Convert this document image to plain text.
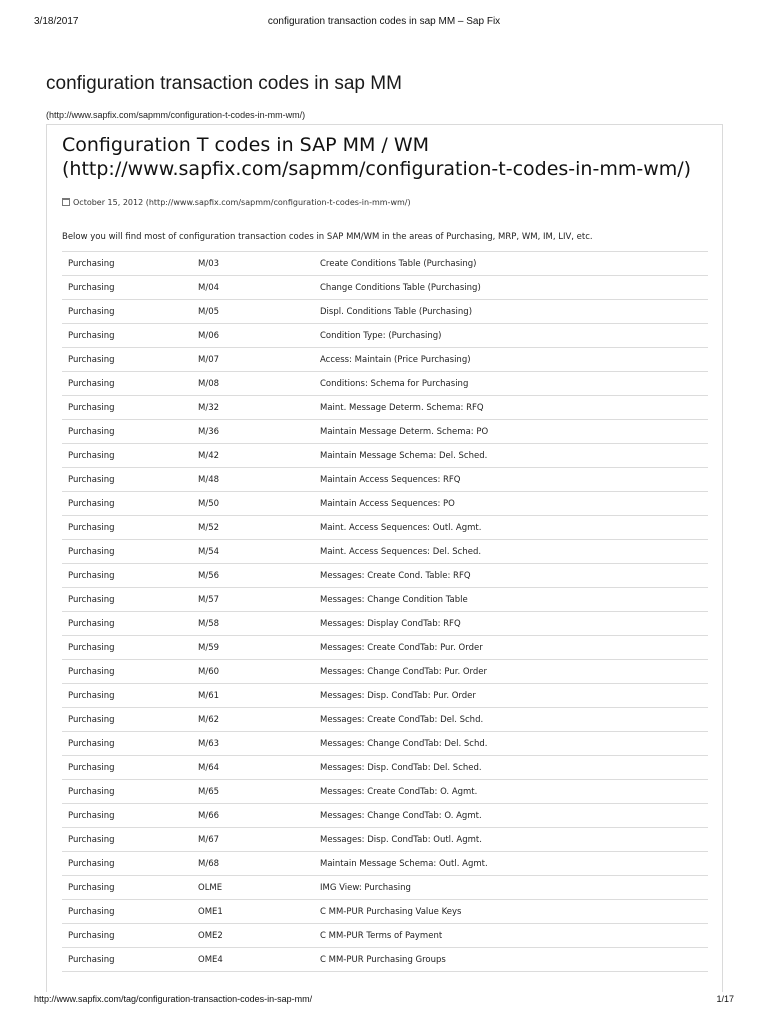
3/18/2017	configuration transaction codes in sap MM – Sap Fix
configuration transaction codes in sap MM
(http://www.sapfix.com/sapmm/configuration-t-codes-in-mm-wm/)
Configuration T codes in SAP MM / WM (http://www.sapfix.com/sapmm/configuration-t-codes-in-mm-wm/)
October 15, 2012 (http://www.sapfix.com/sapmm/configuration-t-codes-in-mm-wm/)
Below you will find most of configuration transaction codes in SAP MM/WM in the areas of Purchasing, MRP, WM, IM, LIV, etc.
Purchasing	M/03	Create Conditions Table (Purchasing)
Purchasing	M/04	Change Conditions Table (Purchasing)
Purchasing	M/05	Displ. Conditions Table (Purchasing)
Purchasing	M/06	Condition Type: (Purchasing)
Purchasing	M/07	Access: Maintain (Price Purchasing)
Purchasing	M/08	Conditions: Schema for Purchasing
Purchasing	M/32	Maint. Message Determ. Schema: RFQ
Purchasing	M/36	Maintain Message Determ. Schema: PO
Purchasing	M/42	Maintain Message Schema: Del. Sched.
Purchasing	M/48	Maintain Access Sequences: RFQ
Purchasing	M/50	Maintain Access Sequences: PO
Purchasing	M/52	Maint. Access Sequences: Outl. Agmt.
Purchasing	M/54	Maint. Access Sequences: Del. Sched.
Purchasing	M/56	Messages: Create Cond. Table: RFQ
Purchasing	M/57	Messages: Change Condition Table
Purchasing	M/58	Messages: Display CondTab: RFQ
Purchasing	M/59	Messages: Create CondTab: Pur. Order
Purchasing	M/60	Messages: Change CondTab: Pur. Order
Purchasing	M/61	Messages: Disp. CondTab: Pur. Order
Purchasing	M/62	Messages: Create CondTab: Del. Schd.
Purchasing	M/63	Messages: Change CondTab: Del. Schd.
Purchasing	M/64	Messages: Disp. CondTab: Del. Sched.
Purchasing	M/65	Messages: Create CondTab: O. Agmt.
Purchasing	M/66	Messages: Change CondTab: O. Agmt.
Purchasing	M/67	Messages: Disp. CondTab: Outl. Agmt.
Purchasing	M/68	Maintain Message Schema: Outl. Agmt.
Purchasing	OLME	IMG View: Purchasing
Purchasing	OME1	C MM-PUR Purchasing Value Keys
Purchasing	OME2	C MM-PUR Terms of Payment
Purchasing	OME4	C MM-PUR Purchasing Groups
http://www.sapfix.com/tag/configuration-transaction-codes-in-sap-mm/	1/17
